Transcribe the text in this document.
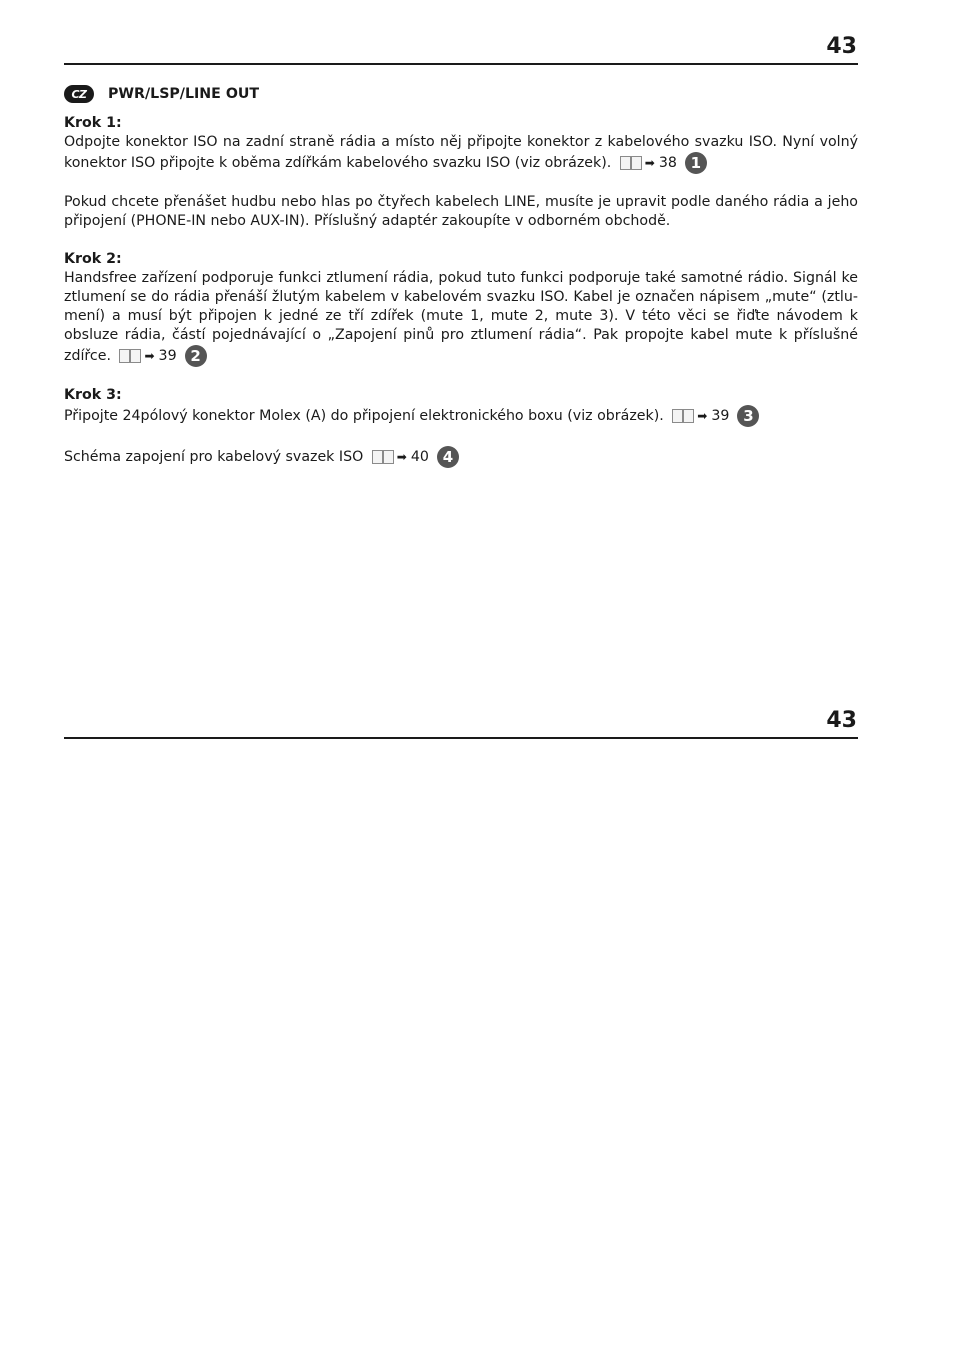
43
CZ	PWR/LSP/LINE OUT
Krok 1:

Odpojte konektor ISO na zadní straně rádia a místo něj připojte konektor z kabelového svazku ISO. Nyní volný konektor ISO připojte k oběma zdířkám kabelového svazku ISO (viz obrázek).	➡ 38 1

Pokud chcete přenášet hudbu nebo hlas po čtyřech kabelech LINE, musíte je upravit podle daného rádia a jeho připojení (PHONE-IN nebo AUX-IN). Příslušný adaptér zakoupíte v odborném obchodě.

Krok 2:

Handsfree zařízení podporuje funkci ztlumení rádia, pokud tuto funkci podporuje také samotné rádio. Signál ke ztlumení se do rádia přenáší žlutým kabelem v kabelovém svazku ISO. Kabel je označen nápisem „mute“ (ztlu-mení) a musí být připojen k jedné ze tří zdířek (mute 1, mute 2, mute 3). V této věci se řiďte návodem k obsluze rádia, částí pojednávající o „Zapojení pinů pro ztlumení rádia“. Pak propojte kabel mute k příslušné zdířce.	➡ 39 2

Krok 3:

Připojte 24pólový konektor Molex (A) do připojení elektronického boxu (viz obrázek).	➡ 39 3

Schéma zapojení pro kabelový svazek ISO	➡ 40 4

43
